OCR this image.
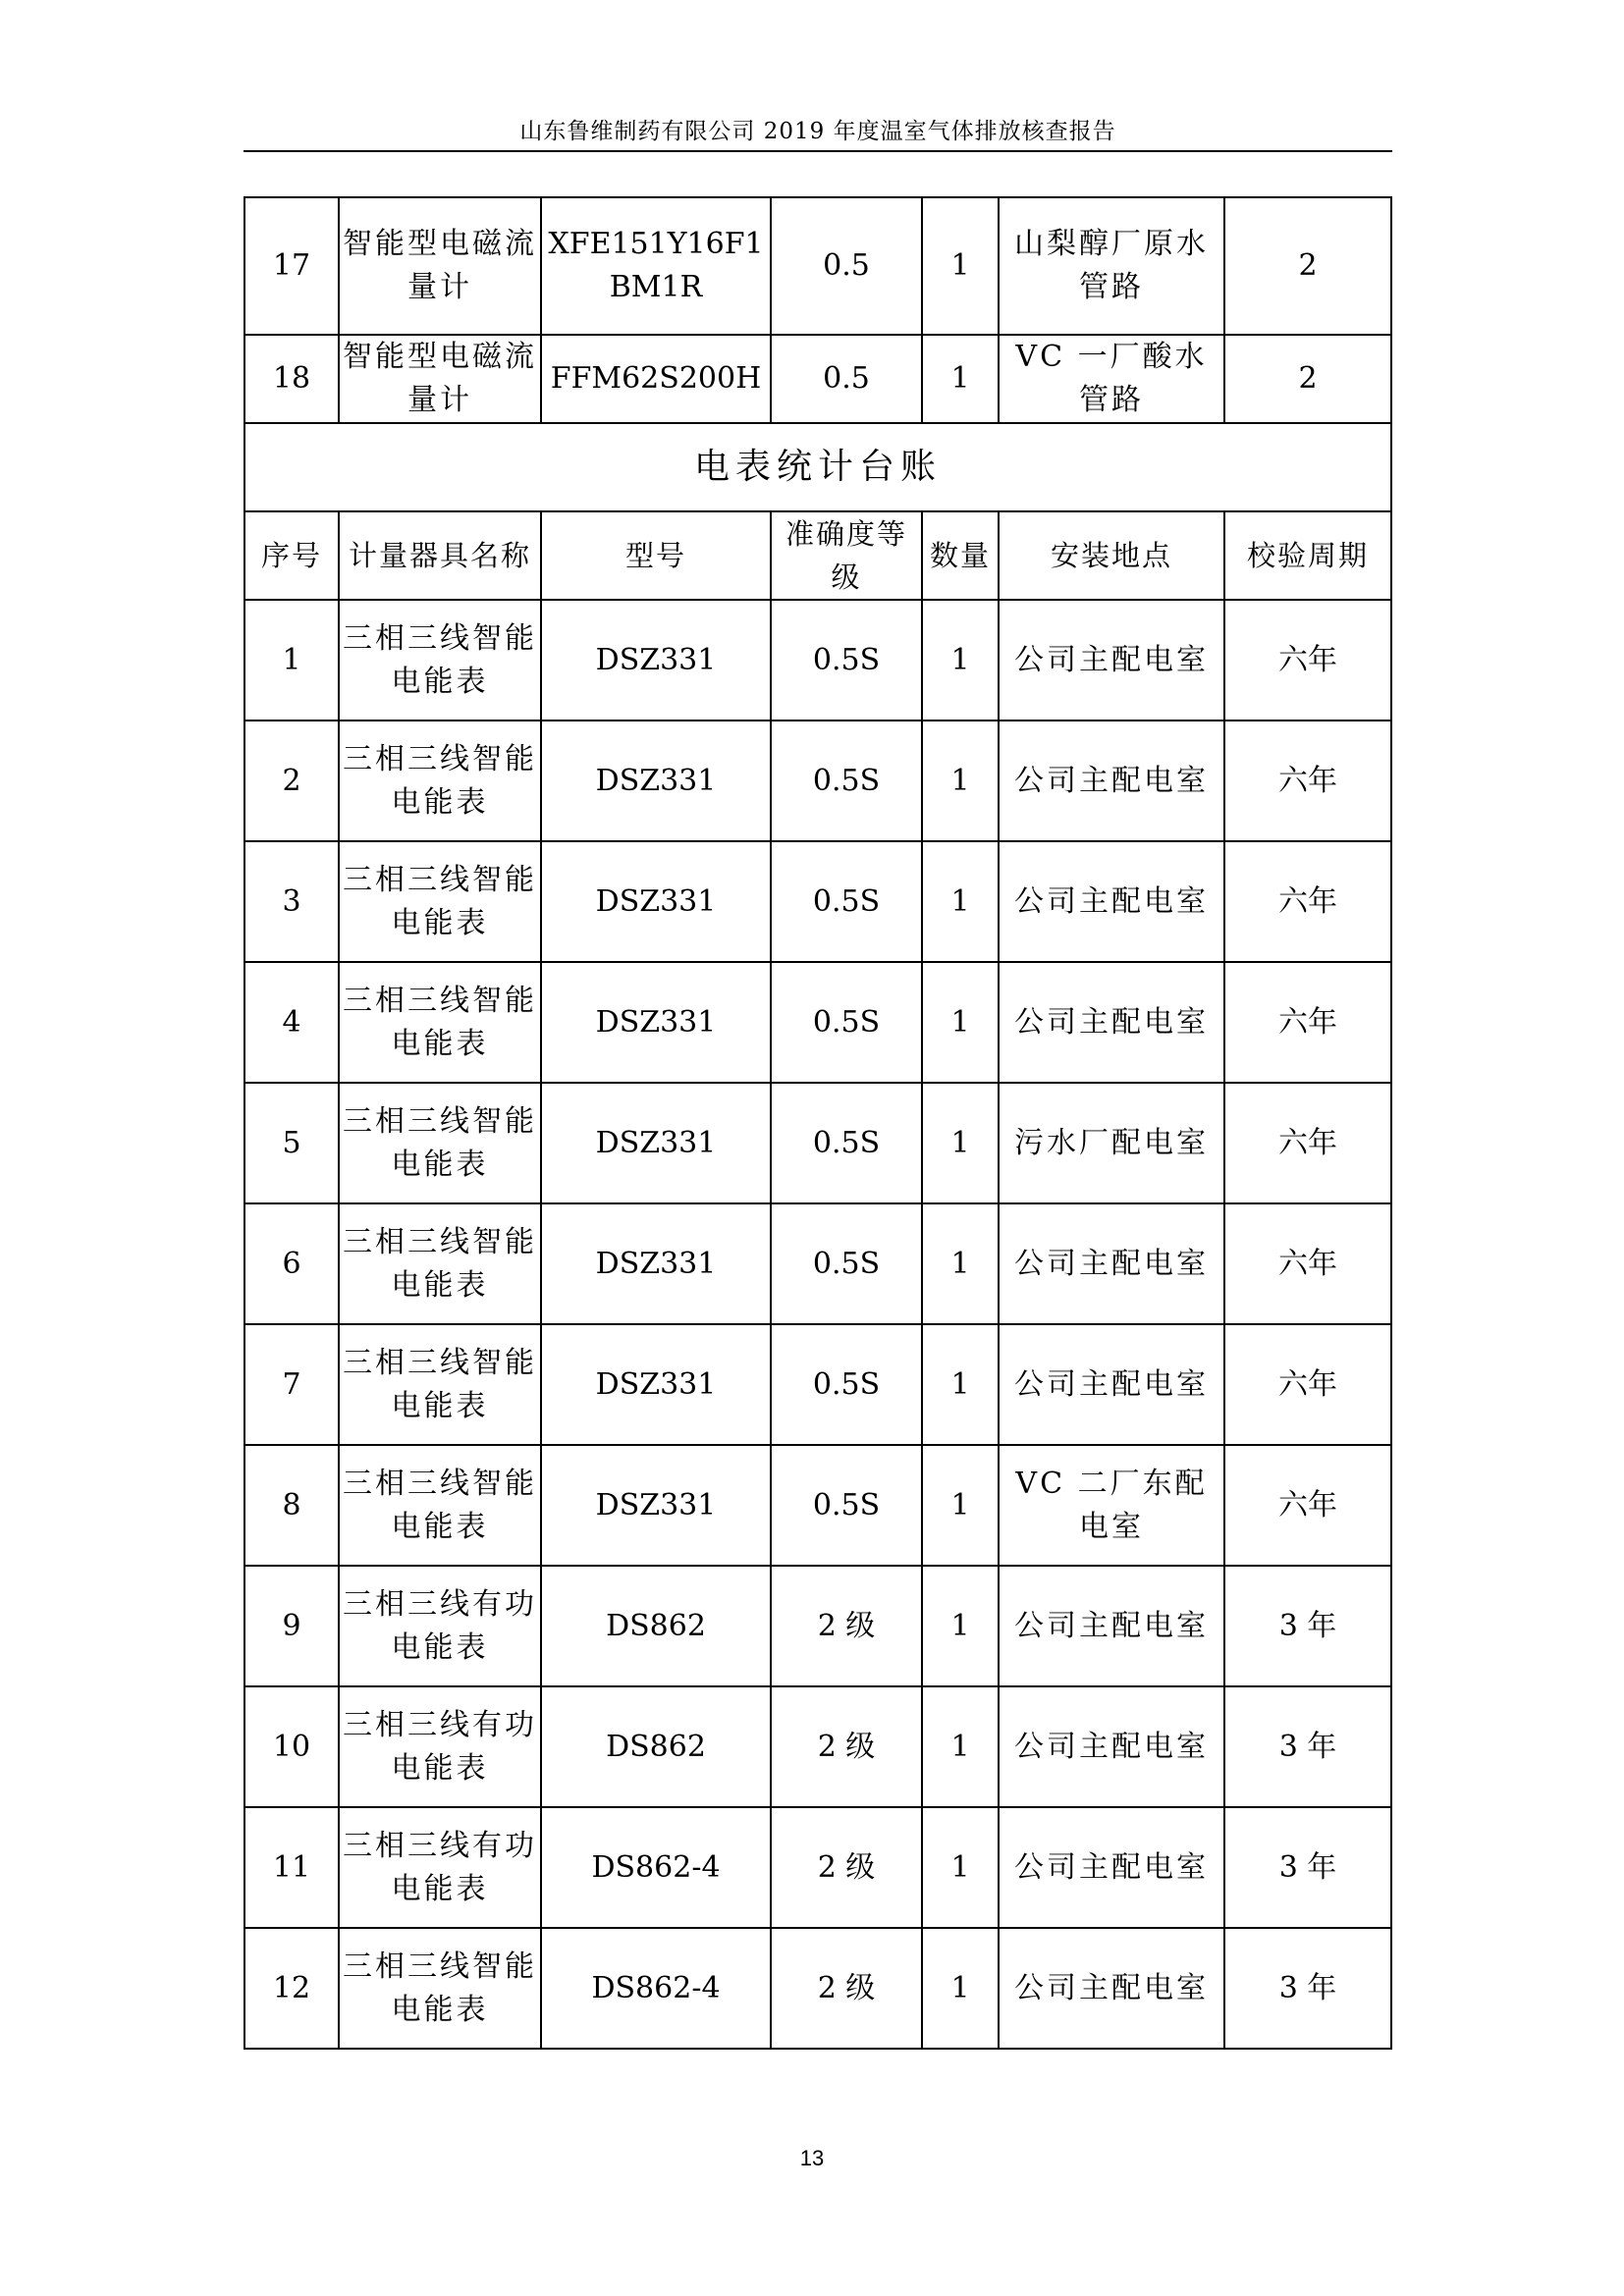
山东鲁维制药有限公司 2019 年度温室气体排放核查报告
17	智能型电磁流量计	XFE151Y16F1BM1R	0.5	1	山梨醇厂原水管路	2
18	智能型电磁流量计	FFM62S200H	0.5	1	VC 一厂酸水管路	2
电表统计台账						
序号	计量器具名称	型号	准确度等级	数量	安装地点	校验周期
1	三相三线智能电能表	DSZ331	0.5S	1	公司主配电室	六年
2	三相三线智能电能表	DSZ331	0.5S	1	公司主配电室	六年
3	三相三线智能电能表	DSZ331	0.5S	1	公司主配电室	六年
4	三相三线智能电能表	DSZ331	0.5S	1	公司主配电室	六年
5	三相三线智能电能表	DSZ331	0.5S	1	污水厂配电室	六年
6	三相三线智能电能表	DSZ331	0.5S	1	公司主配电室	六年
7	三相三线智能电能表	DSZ331	0.5S	1	公司主配电室	六年
8	三相三线智能电能表	DSZ331	0.5S	1	VC 二厂东配电室	六年
9	三相三线有功电能表	DS862	2 级	1	公司主配电室	3 年
10	三相三线有功电能表	DS862	2 级	1	公司主配电室	3 年
11	三相三线有功电能表	DS862-4	2 级	1	公司主配电室	3 年
12	三相三线智能电能表	DS862-4	2 级	1	公司主配电室	3 年
13
